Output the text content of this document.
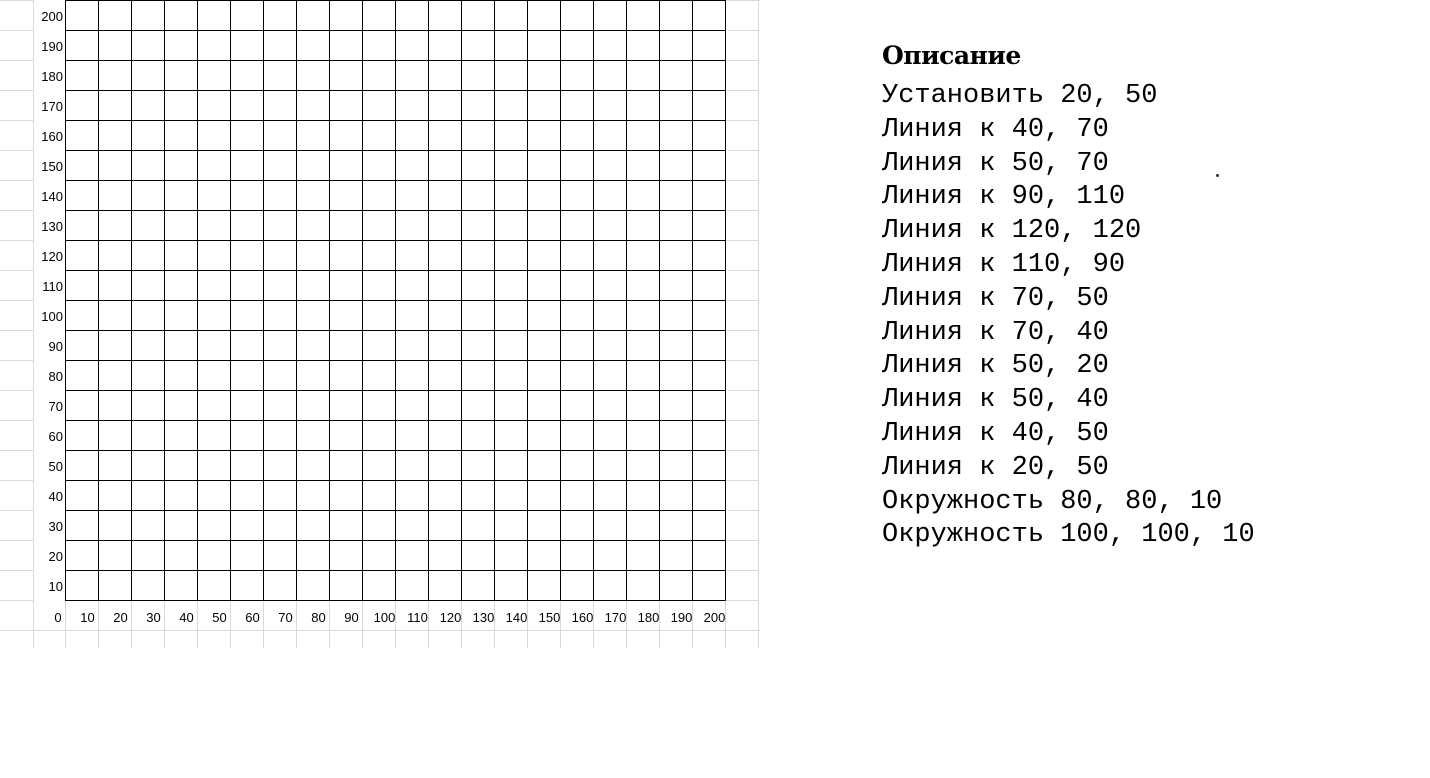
0 10 20 30 40 50 60 70 80 90 100 110 120 130 140 150 160 170 180 190 200
10
20
30
40
50
60
70
80
90
100
110
120
130
140
150
160
170
180
190
200
Описание
Установить 20, 50
Линия к 40, 70
Линия к 50, 70
Линия к 90, 110
Линия к 120, 120
Линия к 110, 90
Линия к 70, 50
Линия к 70, 40
Линия к 50, 20
Линия к 50, 40
Линия к 40, 50
Линия к 20, 50
Окружность 80, 80, 10
Окружность 100, 100, 10
